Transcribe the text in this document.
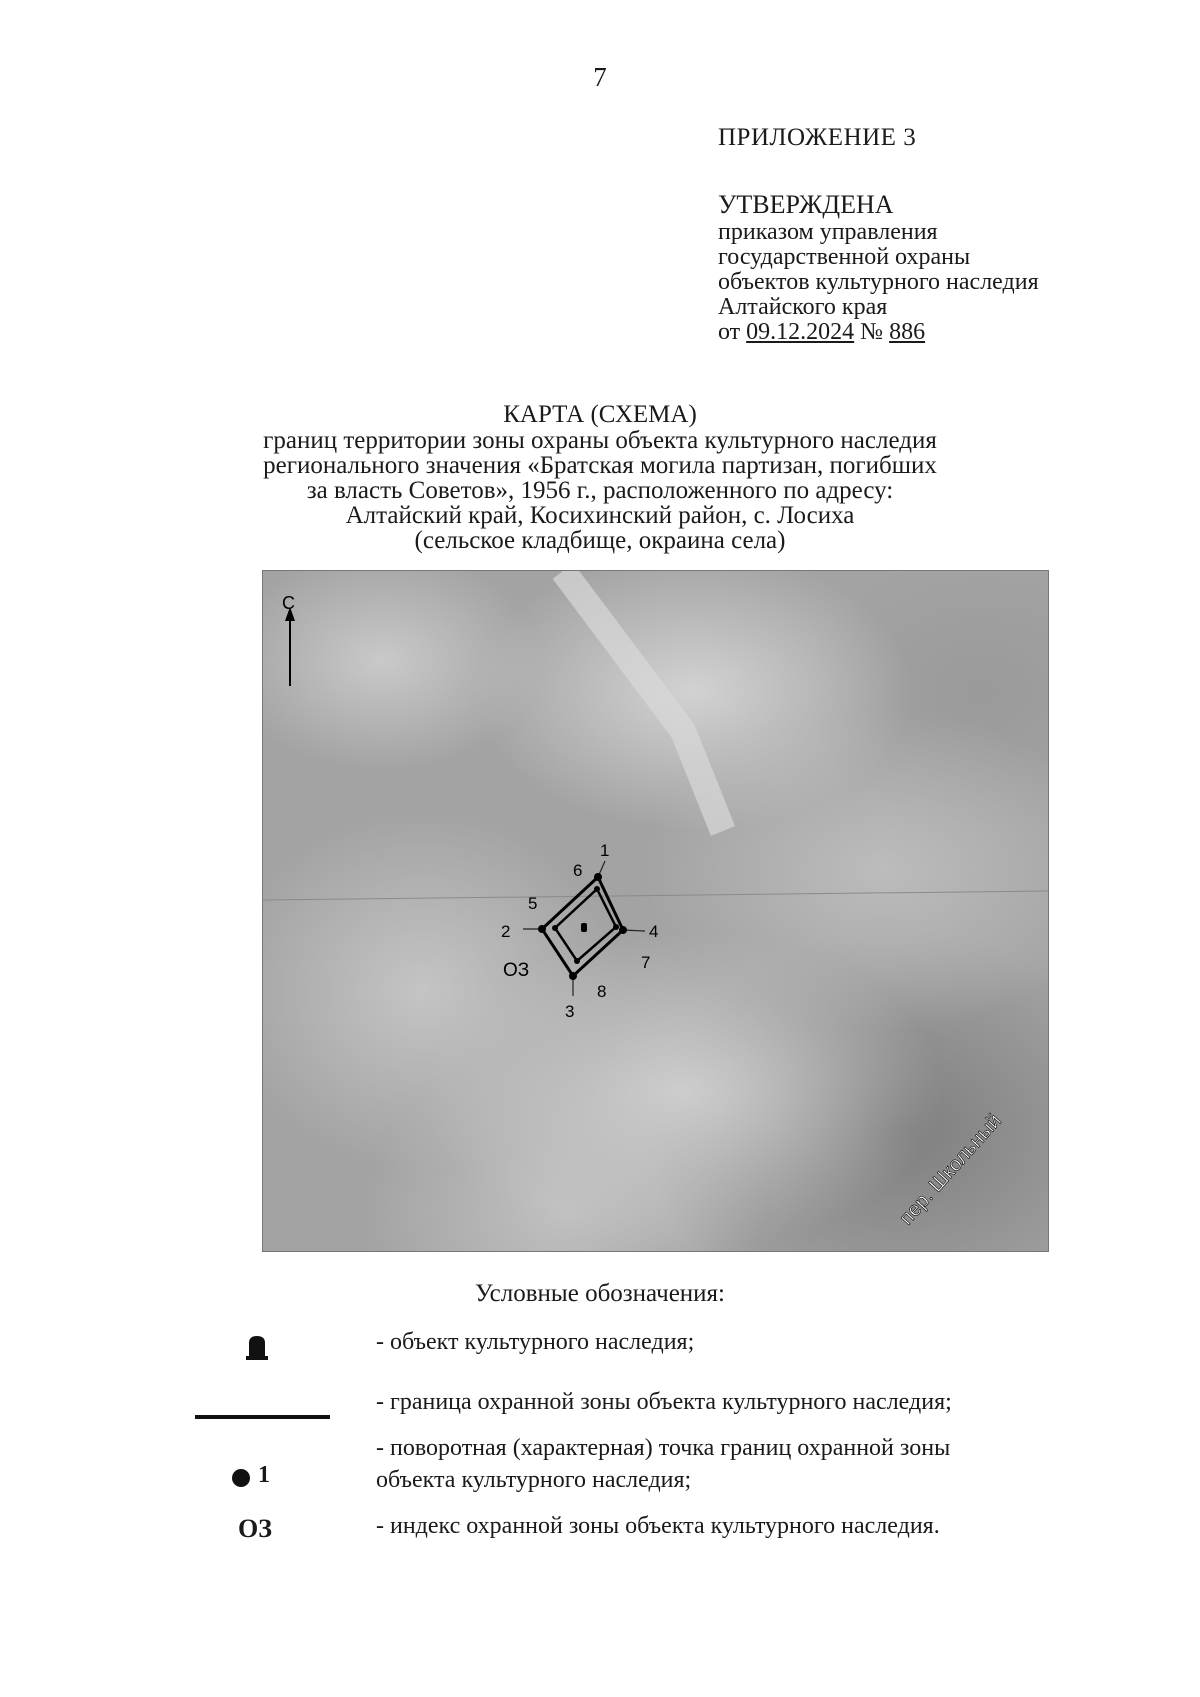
7
ПРИЛОЖЕНИЕ 3
УТВЕРЖДЕНА
приказом управления
государственной охраны
объектов культурного наследия
Алтайского края
от 09.12.2024 № 886
КАРТА (СХЕМА)
границ территории зоны охраны объекта культурного наследия
регионального значения «Братская могила партизан, погибших
за власть Советов», 1956 г., расположенного по адресу:
Алтайский край, Косихинский район, с. Лосиха
(сельское кладбище, окраина села)
С
1
2
3
4
5
6
7
8
ОЗ
пер. Школьный
Условные обозначения:
- объект культурного наследия;
- граница охранной зоны объекта культурного наследия;
1
- поворотная (характерная) точка границ охранной зоны
объекта культурного наследия;
ОЗ	- индекс охранной зоны объекта культурного наследия.
